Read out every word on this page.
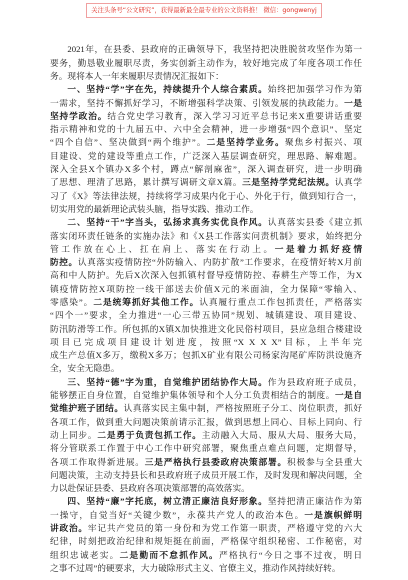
关注头条号“公文研究”，获得最新最全最专业的公文资料推！ 微信：gongwenyj
2021年，在县委、县政府的正确领导下，我坚持把决胜脱贫攻坚作为第一
要务，勤恳敬业履职尽责，务实创新主动作为，较好地完成了年度各项工作任
务。现将本人一年来履职尽责情况汇报如下：
一、坚持“学”字在先，持续提升个人综合素质。始终把加强学习作为第
一需求，坚持不懈抓好学习，不断增强科学决策、引领发展的执政能力。一是
坚持学政治。结合党史学习教育，深入学习习近平总书记来X重要讲话重要
指示精神和党的十九届五中、六中全会精神，进一步增强“四个意识”、坚定
“四个自信”、坚决做到“两个维护”。二是坚持学业务。聚焦乡村振兴、项
目建设、党的建设等重点工作，广泛深入基层调查研究，理思路、解难题。
深入全县X个镇办X多个村，蹲点“解剖麻雀”，深入调查研究，进一步明确
了思想、理清了思路，累计撰写调研文章X篇。三是坚持学党纪法规。认真学
习了《X》等法律法规，持续将学习成果内化于心、外化于行，做到知行合一，
切实用党的最新理论武装头脑，指导实践、推动工作。
二、坚持“干”字当头，弘扬求真务实优良作风。认真落实县委《建立抓
落实闭环责任链条的实施办法》和《X县工作落实问责机制》要求，始终把分
管工作放在心上、扛在肩上、落实在行动上。一是着力抓好疫情
防控。认真落实疫情防控“外防输入、内防扩散”工作要求，在疫情好转X月前
高和中人防护。先后X次深入包抓镇村督导疫情防控、春耕生产等工作，为X
镇疫情防控X项防控一线干部送去价值X元的米面油，全力保障“零输入、
零感染”。二是统筹抓好其他工作。认真履行重点工作包抓责任，严格落实
“四个一”要求，全力推进“一心三带五协同”规划、城镇建设、项目建设、
防汛防滑等工作。所包抓的X镇X加快推进文化民俗村项目，县应急组合楼建设
项目已完成项目建设计划进度，按照“X X X X”目标，上半年完
成生产总值X多万，缴税X多万；包抓X矿业有限公司杨家沟尾矿库防洪设施齐
全，安全无隐患。
三、坚持“德”字为重，自觉维护团结协作大局。作为县政府班子成员，
能够摆正自身位置，自觉维护集体领导和个人分工负责相结合的制度。一是自
觉维护班子团结。认真落实民主集中制，严格按照班子分工、岗位职责，抓好
各项工作，做到重大问题决策前请示汇报，做到思想上同心、目标上同向、行
动上同步。二是勇于负责包抓工作。主动融入大局、服从大局、服务大局，
将分管联系工作置于中心工作中研究部署，聚焦重点难点问题，定期督导，
各项工作取得新进展。三是严格执行县委政府决策部署。积极参与全县重大
问题决策，主动支持县长和县政府班子成员开展工作，及时发现和解决问题，全
力以赴保证县委、县政府各项决策部署的高效落实。
四、坚持“廉”字托底，树立清正廉洁良好形象。坚持把清正廉洁作为第
一操守，自觉当好“关键少数”，永葆共产党人的政治本色。一是旗帜鲜明
讲政治。牢记共产党员的第一身份和为党工作第一职责，严格遵守党的六大
纪律，时刻把政治纪律和规矩挺在前面，严格保守组织秘密、工作秘密，对
组织忠诚老实。二是勤而不怠抓作风。严格执行“今日之事不过夜，明日
之事不过周”的硬要求，大力破除形式主义、官僚主义，推动作风持续好转。
